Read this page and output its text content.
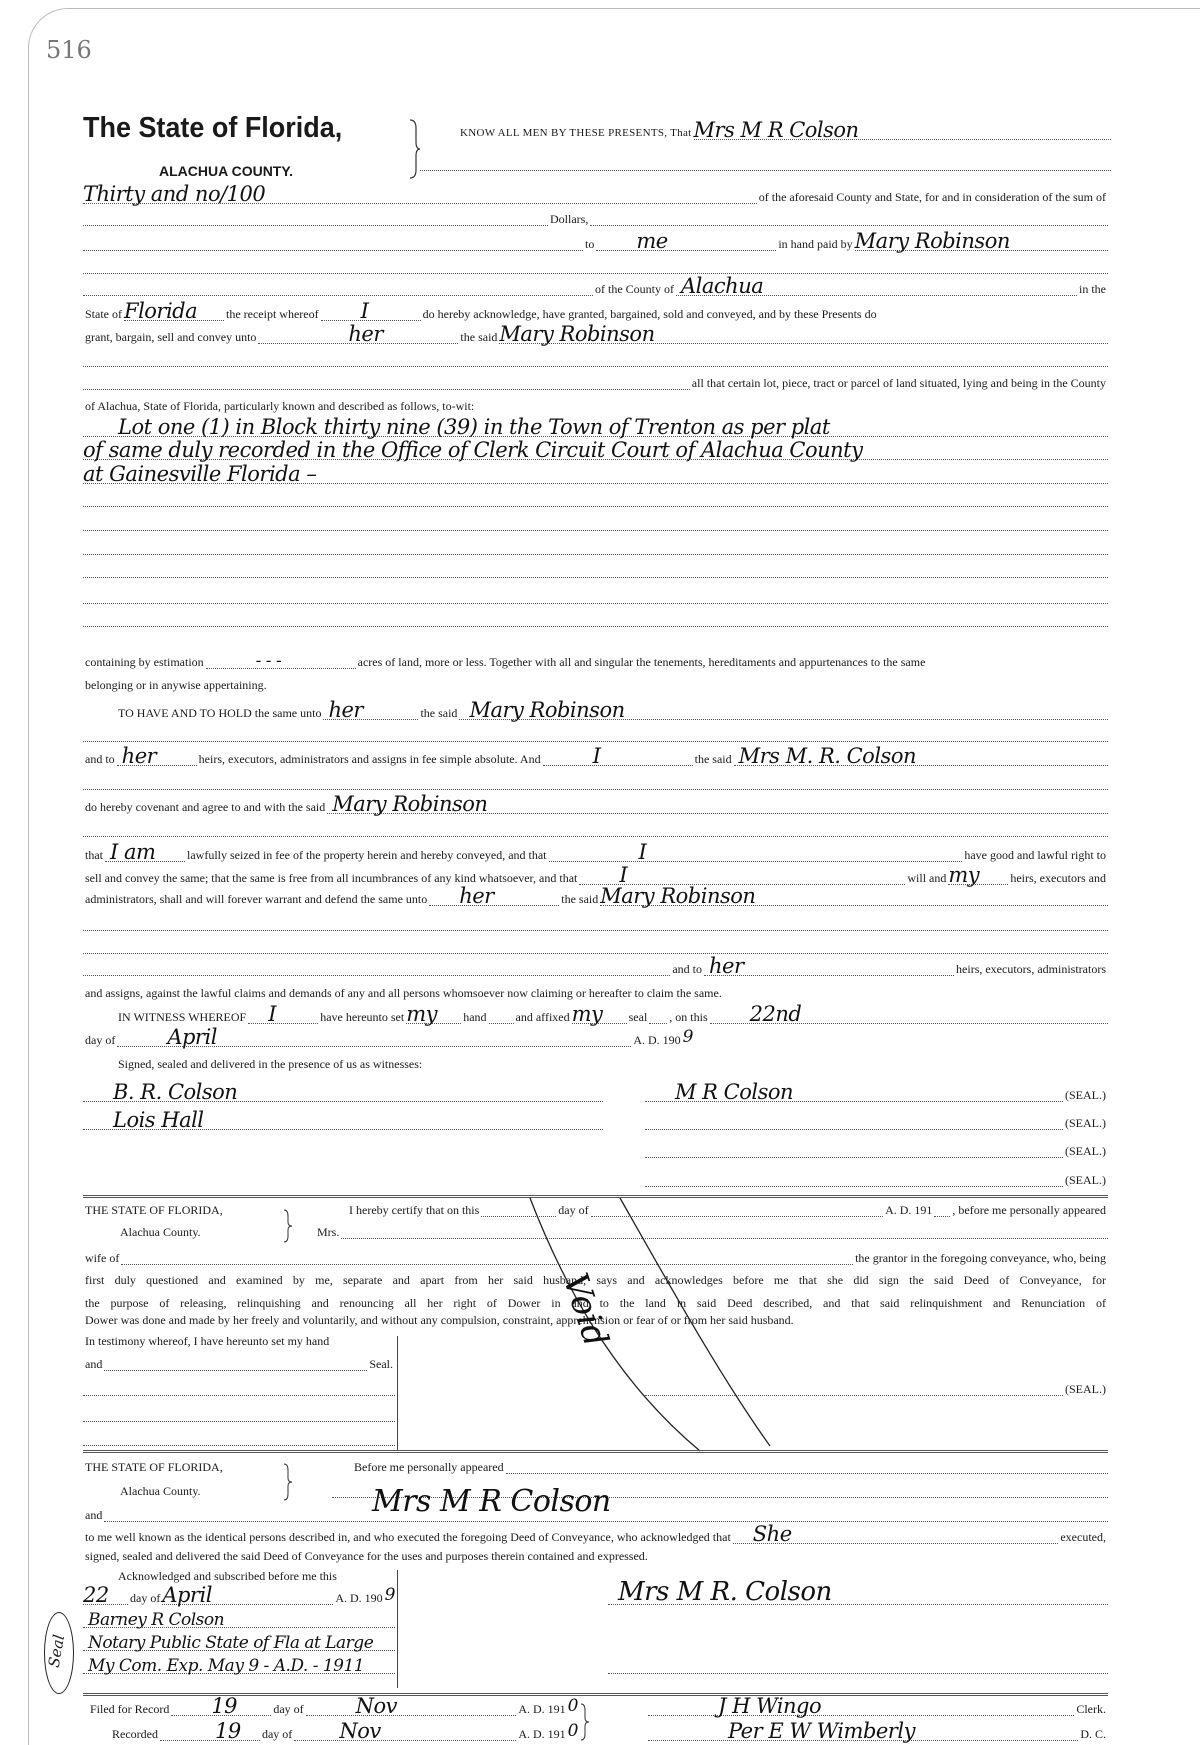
516
The State of Florida,
ALACHUA COUNTY.
KNOW ALL MEN BY THESE PRESENTS, That Mrs M R Colson
Thirty and no/100	of the aforesaid County and State, for and in consideration of the sum of
Dollars,
to me	in hand paid by Mary Robinson
of the County of Alachua	in the
State of Florida the receipt whereof I	do hereby acknowledge, have granted, bargained, sold and conveyed, and by these Presents do
grant, bargain, sell and convey unto	her	the said Mary Robinson
all that certain lot, piece, tract or parcel of land situated, lying and being in the County
of Alachua, State of Florida, particularly known and described as follows, to-wit:
Lot one (1) in Block thirty nine (39) in the Town of Trenton as per plat
of same duly recorded in the Office of Clerk Circuit Court of Alachua County
at Gainesville Florida –
containing by estimation	- - -	acres of land, more or less. Together with all and singular the tenements, hereditaments and appurtenances to the same
belonging or in anywise appertaining.
TO HAVE AND TO HOLD the same unto her	the said Mary Robinson
and to her	heirs, executors, administrators and assigns in fee simple absolute. And I	the said Mrs M. R. Colson
do hereby covenant and agree to and with the said Mary Robinson
that I am	lawfully seized in fee of the property herein and hereby conveyed, and that	I	have good and lawful right to
sell and convey the same; that the same is free from all incumbrances of any kind whatsoever, and that I	will and my	heirs, executors and
administrators, shall and will forever warrant and defend the same unto her	the said Mary Robinson
and to her	heirs, executors, administrators
and assigns, against the lawful claims and demands of any and all persons whomsoever now claiming or hereafter to claim the same.
IN WITNESS WHEREOF I	have hereunto set my hand and affixed my seal , on this 22nd
day of April	A. D. 190 9
Signed, sealed and delivered in the presence of us as witnesses:
B. R. Colson
Lois Hall
M R Colson	(SEAL.)
(SEAL.)
(SEAL.)
(SEAL.)
THE STATE OF FLORIDA,
Alachua County.
I hereby certify that on this	day of	A. D. 191 , before me personally appeared
Mrs.
wife of	the grantor in the foregoing conveyance, who, being
first duly questioned and examined by me, separate and apart from her said husband, says and acknowledges before me that she did sign the said Deed of Conveyance, for
the purpose of releasing, relinquishing and renouncing all her right of Dower in and to the land in said Deed described, and that said relinquishment and Renunciation of
Dower was done and made by her freely and voluntarily, and without any compulsion, constraint, apprehension or fear of or from her said husband.
In testimony whereof, I have hereunto set my hand
and	Seal.
(SEAL.)
Void
THE STATE OF FLORIDA,
Alachua County.
Before me personally appeared
Mrs M R Colson
and
to me well known as the identical persons described in, and who executed the foregoing Deed of Conveyance, who acknowledged that She	executed,
signed, sealed and delivered the said Deed of Conveyance for the uses and purposes therein contained and expressed.
Acknowledged and subscribed before me this
22 day of April	A. D. 190 9
Barney R Colson
Notary Public State of Fla at Large
My Com. Exp. May 9 - A.D. - 1911
Seal
Mrs M R. Colson
Filed for Record 19	day of Nov	A. D. 191 0
Recorded	19 day of Nov	A. D. 191 0
J H Wingo	Clerk.
Per E W Wimberly	D. C.
